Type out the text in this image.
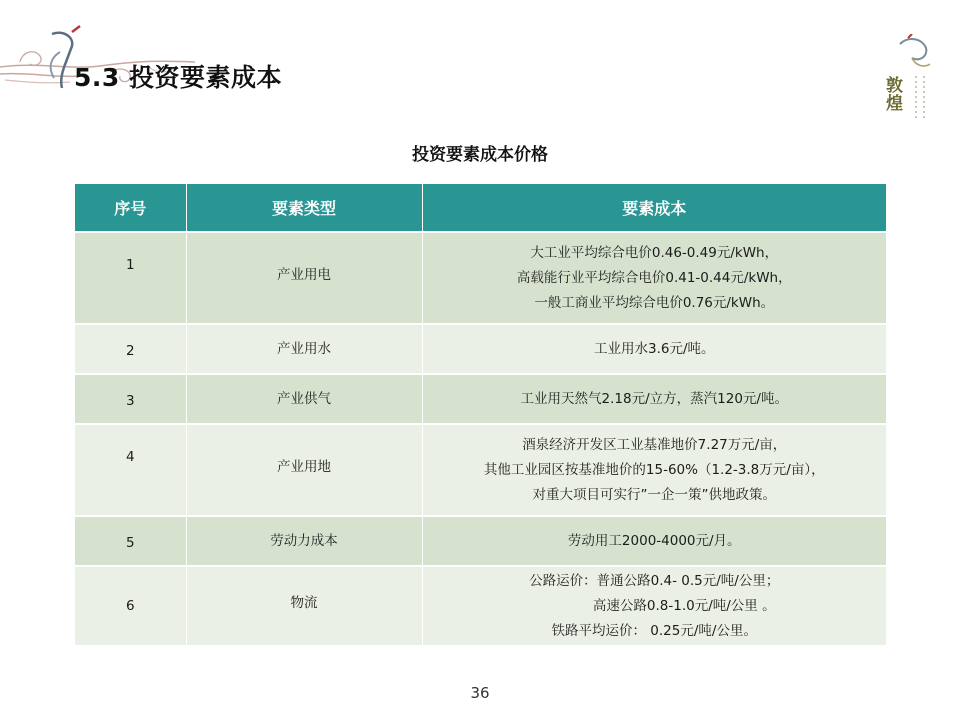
5.3 投资要素成本	敦煌
投资要素成本价格
序号	要素类型	要素成本
1	产业用电	大工业平均综合电价0.46-0.49元/kWh，
高载能行业平均综合电价0.41-0.44元/kWh，
一般工商业平均综合电价0.76元/kWh。

2	产业用水	工业用水3.6元/吨。
3	产业供气	工业用天然气2.18元/立方，蒸汽120元/吨。
4	产业用地	酒泉经济开发区工业基准地价7.27万元/亩，
其他工业园区按基准地价的15-60%（1.2-3.8万元/亩），
对重大项目可实行”一企一策”供地政策。

5	劳动力成本	劳动用工2000-4000元/月。
6	物流	公路运价：普通公路0.4- 0.5元/吨/公里；
高速公路0.8-1.0元/吨/公里 。
铁路平均运价： 0.25元/吨/公里。
36
